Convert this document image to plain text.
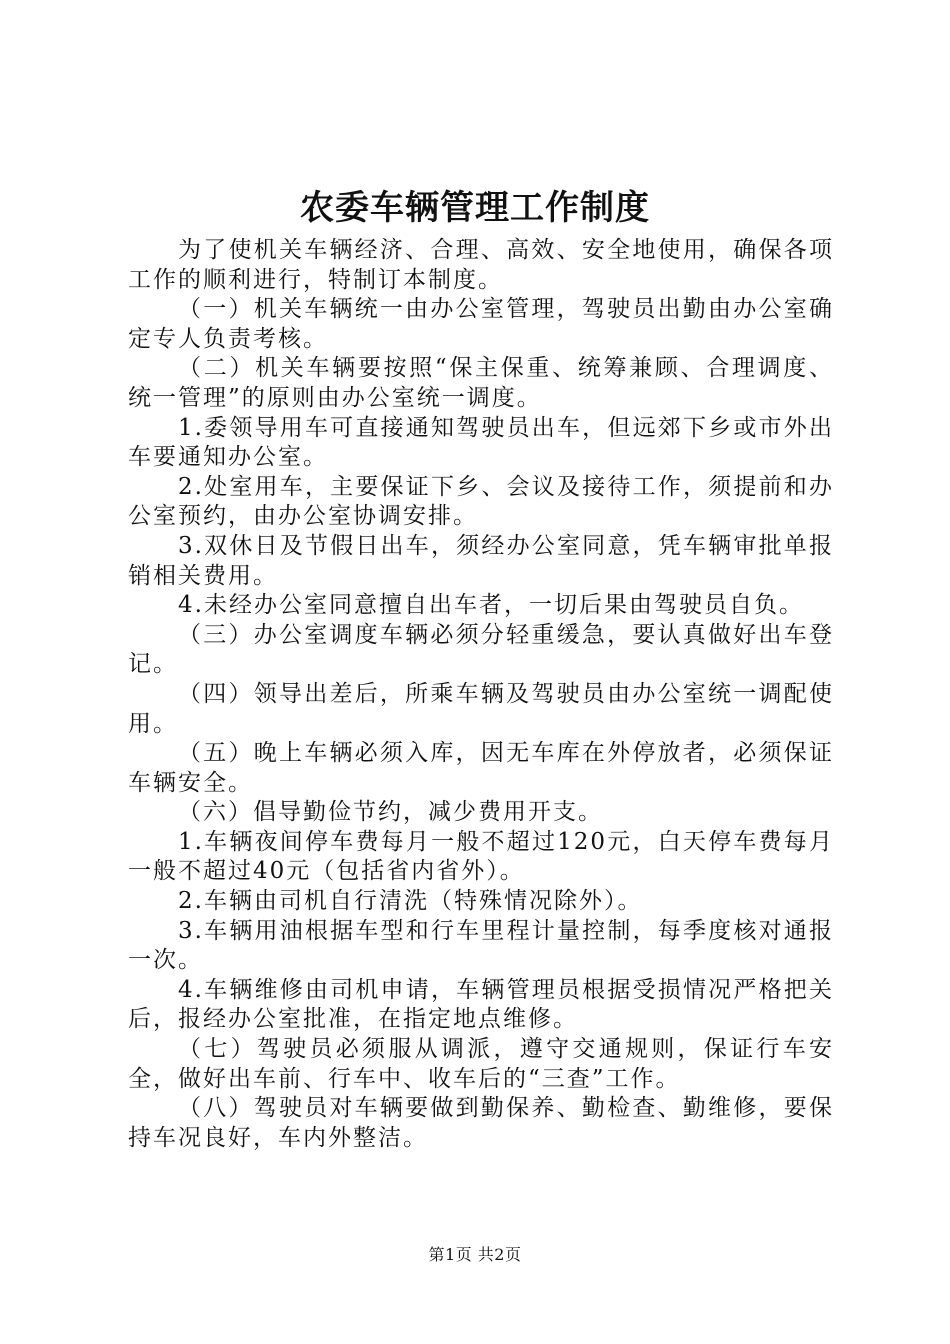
农委车辆管理工作制度

为了使机关车辆经济、合理、高效、安全地使用，确保各项工作的顺利进行，特制订本制度。

（一）机关车辆统一由办公室管理，驾驶员出勤由办公室确定专人负责考核。

（二）机关车辆要按照“保主保重、统筹兼顾、合理调度、统一管理”的原则由办公室统一调度。

1.委领导用车可直接通知驾驶员出车，但远郊下乡或市外出车要通知办公室。

2.处室用车，主要保证下乡、会议及接待工作，须提前和办公室预约，由办公室协调安排。

3.双休日及节假日出车，须经办公室同意，凭车辆审批单报销相关费用。

4.未经办公室同意擅自出车者，一切后果由驾驶员自负。

（三）办公室调度车辆必须分轻重缓急，要认真做好出车登记。

（四）领导出差后，所乘车辆及驾驶员由办公室统一调配使用。

（五）晚上车辆必须入库，因无车库在外停放者，必须保证车辆安全。

（六）倡导勤俭节约，减少费用开支。

1.车辆夜间停车费每月一般不超过120元，白天停车费每月一般不超过40元（包括省内省外）。

2.车辆由司机自行清洗（特殊情况除外）。

3.车辆用油根据车型和行车里程计量控制，每季度核对通报一次。

4.车辆维修由司机申请，车辆管理员根据受损情况严格把关后，报经办公室批准，在指定地点维修。

（七）驾驶员必须服从调派，遵守交通规则，保证行车安全，做好出车前、行车中、收车后的“三查”工作。

（八）驾驶员对车辆要做到勤保养、勤检查、勤维修，要保持车况良好，车内外整洁。

第1页 共2页
